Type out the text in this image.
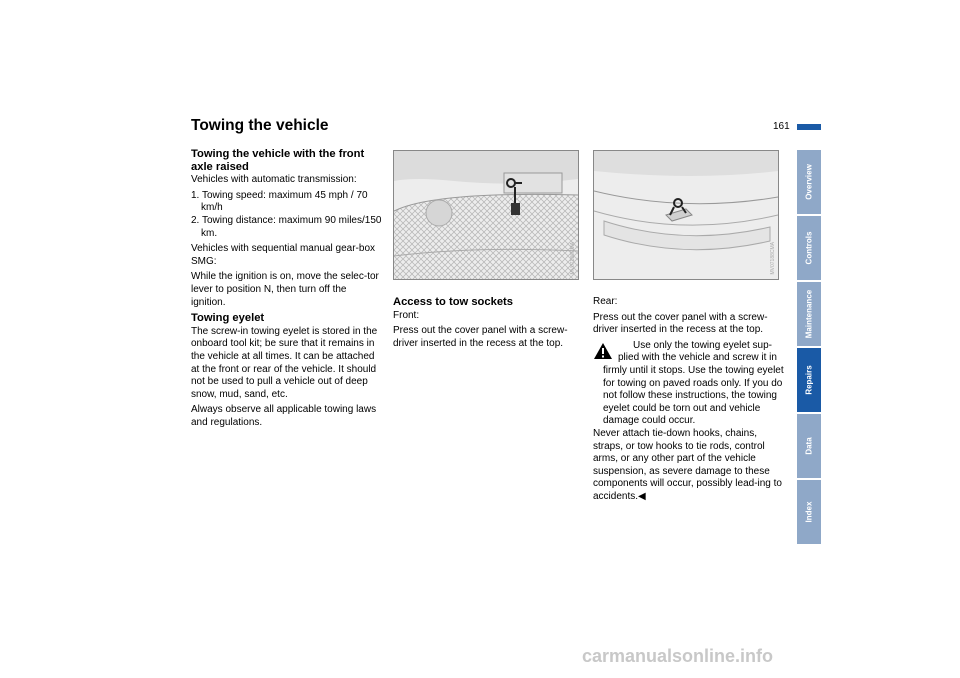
Towing the vehicle	161
Towing the vehicle with the front axle raised

Vehicles with automatic transmission:

1. Towing speed: maximum 45 mph / 70 km/h
2. Towing distance: maximum 90 miles/150 km.

Vehicles with sequential manual gear-box SMG:

While the ignition is on, move the selec-tor lever to position N, then turn off the ignition.

Towing eyelet

The screw-in towing eyelet is stored in the onboard tool kit; be sure that it remains in the vehicle at all times. It can be attached at the front or rear of the vehicle. It should not be used to pull a vehicle out of deep snow, mud, sand, etc.

Always observe all applicable towing laws and regulations.

MV07186CMA	MV07188CMA
Access to tow sockets

Front:

Press out the cover panel with a screw-driver inserted in the recess at the top.

Rear:

Press out the cover panel with a screw-driver inserted in the recess at the top.

Use only the towing eyelet sup-plied with the vehicle and screw it in firmly until it stops. Use the towing eyelet for towing on paved roads only. If you do not follow these instructions, the towing eyelet could be torn out and vehicle damage could occur.

Never attach tie-down hooks, chains, straps, or tow hooks to tie rods, control arms, or any other part of the vehicle suspension, as severe damage to these components will occur, possibly lead-ing to accidents.◀

Overview
Controls
Maintenance
Repairs
Data
Index
carmanualsonline.info
